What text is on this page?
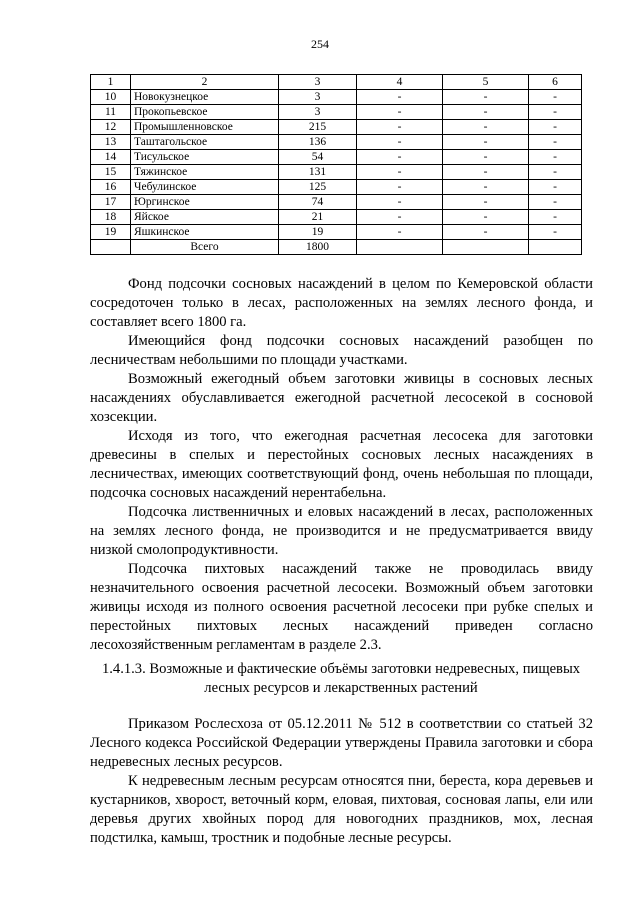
254
1	2	3	4	5	6
10	Новокузнецкое	3	-	-	-
11	Прокопьевское	3	-	-	-
12	Промышленновское	215	-	-	-
13	Таштагольское	136	-	-	-
14	Тисульское	54	-	-	-
15	Тяжинское	131	-	-	-
16	Чебулинское	125	-	-	-
17	Юргинское	74	-	-	-
18	Яйское	21	-	-	-
19	Яшкинское	19	-	-	-
	Всего	1800			

Фонд подсочки сосновых насаждений в целом по Кемеровской области сосредоточен только в лесах, расположенных на землях лесного фонда, и составляет всего 1800 га.

Имеющийся фонд подсочки сосновых насаждений разобщен по лесничествам небольшими по площади участками.

Возможный ежегодный объем заготовки живицы в сосновых лесных насаждениях обуславливается ежегодной расчетной лесосекой в сосновой хозсекции.

Исходя из того, что ежегодная расчетная лесосека для заготовки древесины в спелых и перестойных сосновых лесных насаждениях в лесничествах, имеющих соответствующий фонд, очень небольшая по площади, подсочка сосновых насаждений нерентабельна.

Подсочка лиственничных и еловых насаждений в лесах, расположенных на землях лесного фонда, не производится и не предусматривается ввиду низкой смолопродуктивности.

Подсочка пихтовых насаждений также не проводилась ввиду незначительного освоения расчетной лесосеки. Возможный объем заготовки живицы исходя из полного освоения расчетной лесосеки при рубке спелых и перестойных пихтовых лесных насаждений приведен согласно лесохозяйственным регламентам в разделе 2.3.

1.4.1.3. Возможные и фактические объёмы заготовки недревесных, пищевых лесных ресурсов и лекарственных растений

Приказом Рослесхоза от 05.12.2011 № 512 в соответствии со статьей 32 Лесного кодекса Российской Федерации утверждены Правила заготовки и сбора недревесных лесных ресурсов.

К недревесным лесным ресурсам относятся пни, береста, кора деревьев и кустарников, хворост, веточный корм, еловая, пихтовая, сосновая лапы, ели или деревья других хвойных пород для новогодних праздников, мох, лесная подстилка, камыш, тростник и подобные лесные ресурсы.
